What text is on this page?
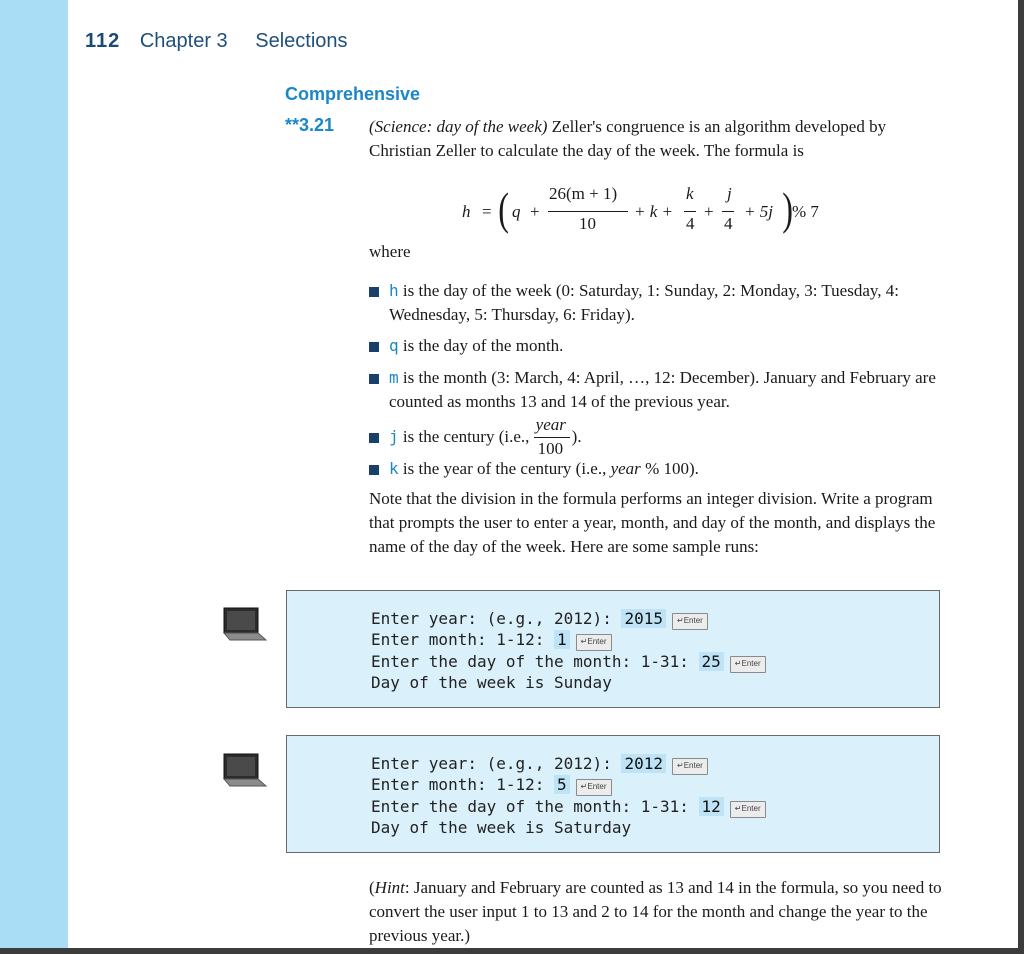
112 Chapter 3 Selections
Comprehensive
**3.21 (Science: day of the week) Zeller's congruence is an algorithm developed by Christian Zeller to calculate the day of the week. The formula is
h = ( q +
26(m + 1)
10
+ k +
k
4
+
j
4
+ 5j )
% 7
where
h is the day of the week (0: Saturday, 1: Sunday, 2: Monday, 3: Tuesday, 4: Wednesday, 5: Thursday, 6: Friday).
q is the day of the month.
m is the month (3: March, 4: April, …, 12: December). January and February are counted as months 13 and 14 of the previous year.
j is the century (i.e.,
year
100
).
k is the year of the century (i.e., year % 100).
Note that the division in the formula performs an integer division. Write a program that prompts the user to enter a year, month, and day of the month, and displays the name of the day of the week. Here are some sample runs:
Enter year: (e.g., 2012): 2015 ↵Enter
Enter month: 1-12: 1 ↵Enter
Enter the day of the month: 1-31: 25 ↵Enter
Day of the week is Sunday
Enter year: (e.g., 2012): 2012 ↵Enter
Enter month: 1-12: 5 ↵Enter
Enter the day of the month: 1-31: 12 ↵Enter
Day of the week is Saturday
(Hint: January and February are counted as 13 and 14 in the formula, so you need to convert the user input 1 to 13 and 2 to 14 for the month and change the year to the previous year.)
